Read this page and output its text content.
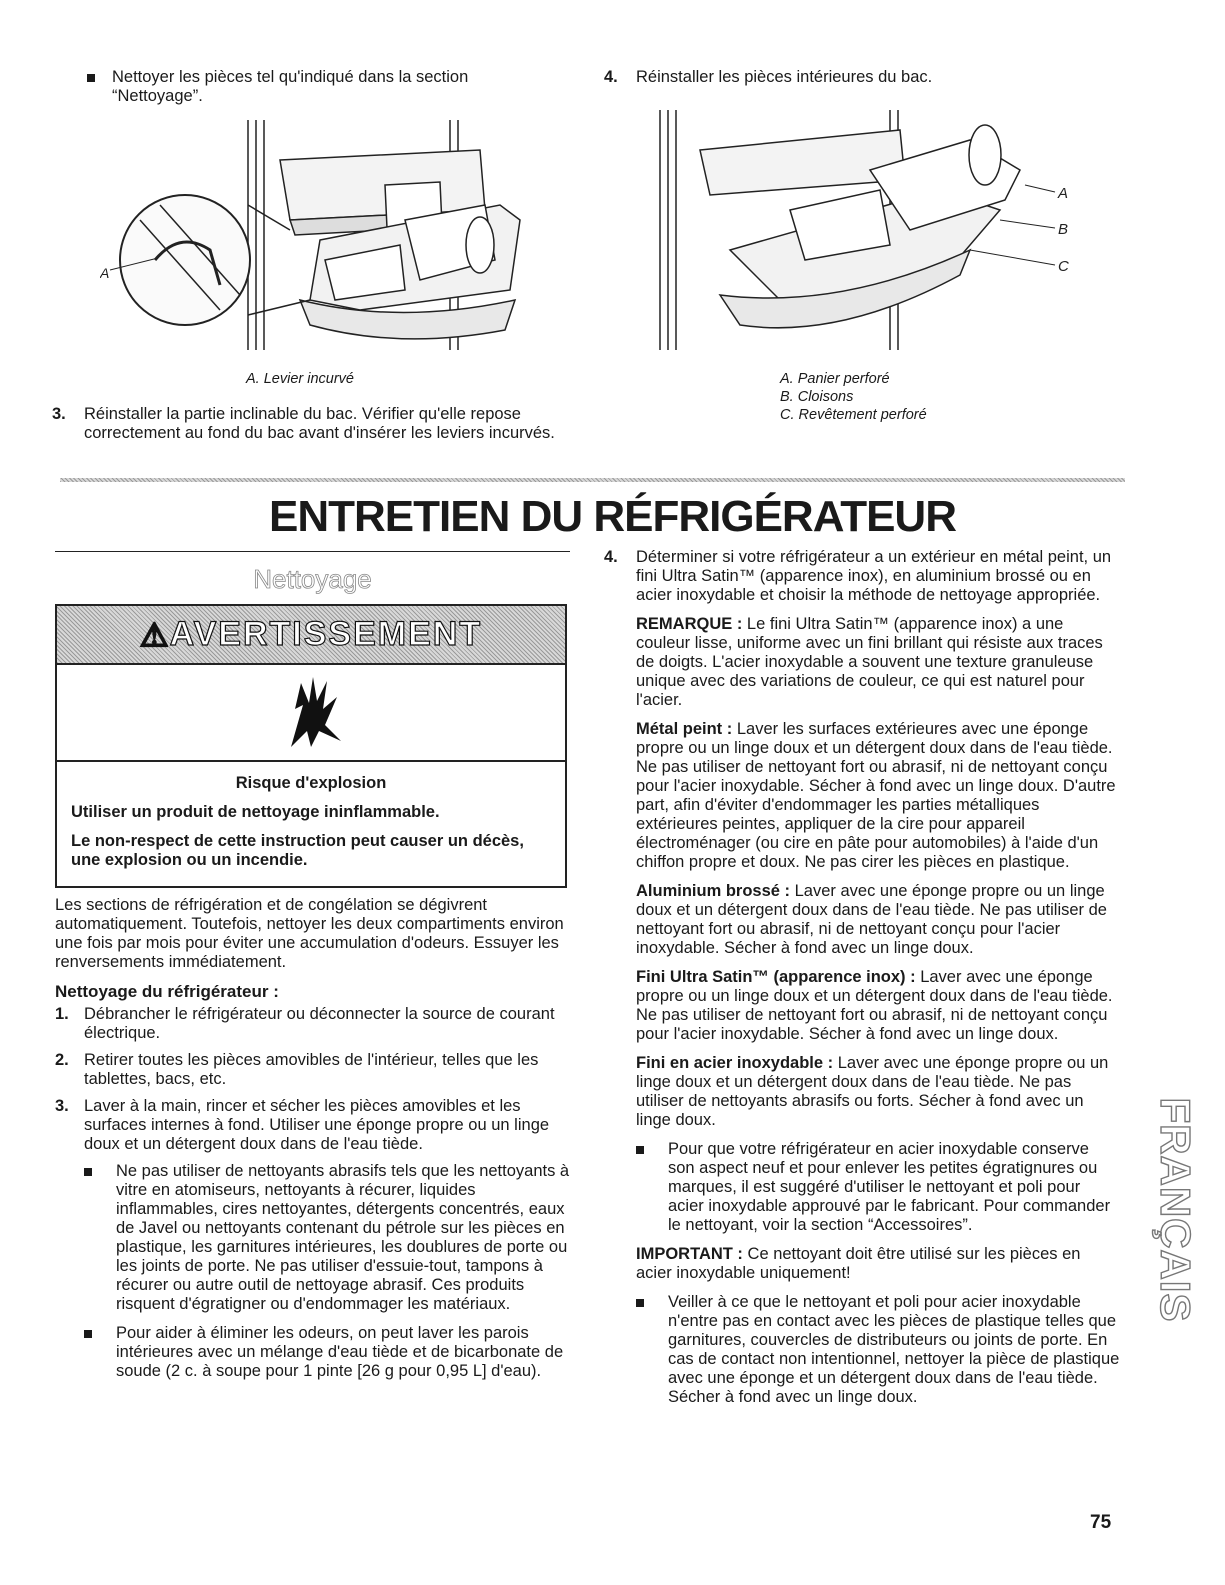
Nettoyer les pièces tel qu'indiqué dans la section “Nettoyage”.
A
A. Levier incurvé
3. Réinstaller la partie inclinable du bac. Vérifier qu'elle repose correctement au fond du bac avant d'insérer les leviers incurvés.
4. Réinstaller les pièces intérieures du bac.
A
B
C
A. Panier perforé
B. Cloisons
C. Revêtement perforé
ENTRETIEN DU RÉFRIGÉRATEUR
Nettoyage
⚠ AVERTISSEMENT
Risque d'explosion
Utiliser un produit de nettoyage ininflammable.
Le non-respect de cette instruction peut causer un décès, une explosion ou un incendie.

Les sections de réfrigération et de congélation se dégivrent automatiquement. Toutefois, nettoyer les deux compartiments environ une fois par mois pour éviter une accumulation d'odeurs. Essuyer les renversements immédiatement.

Nettoyage du réfrigérateur :
1. Débrancher le réfrigérateur ou déconnecter la source de courant électrique.
2. Retirer toutes les pièces amovibles de l'intérieur, telles que les tablettes, bacs, etc.
3. Laver à la main, rincer et sécher les pièces amovibles et les surfaces internes à fond. Utiliser une éponge propre ou un linge doux et un détergent doux dans de l'eau tiède.
Ne pas utiliser de nettoyants abrasifs tels que les nettoyants à vitre en atomiseurs, nettoyants à récurer, liquides inflammables, cires nettoyantes, détergents concentrés, eaux de Javel ou nettoyants contenant du pétrole sur les pièces en plastique, les garnitures intérieures, les doublures de porte ou les joints de porte. Ne pas utiliser d'essuie-tout, tampons à récurer ou autre outil de nettoyage abrasif. Ces produits risquent d'égratigner ou d'endommager les matériaux.
Pour aider à éliminer les odeurs, on peut laver les parois intérieures avec un mélange d'eau tiède et de bicarbonate de soude (2 c. à soupe pour 1 pinte [26 g pour 0,95 L] d'eau).
4. Déterminer si votre réfrigérateur a un extérieur en métal peint, un fini Ultra Satin™ (apparence inox), en aluminium brossé ou en acier inoxydable et choisir la méthode de nettoyage appropriée.

REMARQUE : Le fini Ultra Satin™ (apparence inox) a une couleur lisse, uniforme avec un fini brillant qui résiste aux traces de doigts. L'acier inoxydable a souvent une texture granuleuse unique avec des variations de couleur, ce qui est naturel pour l'acier.

Métal peint : Laver les surfaces extérieures avec une éponge propre ou un linge doux et un détergent doux dans de l'eau tiède. Ne pas utiliser de nettoyant fort ou abrasif, ni de nettoyant conçu pour l'acier inoxydable. Sécher à fond avec un linge doux. D'autre part, afin d'éviter d'endommager les parties métalliques extérieures peintes, appliquer de la cire pour appareil électroménager (ou cire en pâte pour automobiles) à l'aide d'un chiffon propre et doux. Ne pas cirer les pièces en plastique.

Aluminium brossé : Laver avec une éponge propre ou un linge doux et un détergent doux dans de l'eau tiède. Ne pas utiliser de nettoyant fort ou abrasif, ni de nettoyant conçu pour l'acier inoxydable. Sécher à fond avec un linge doux.

Fini Ultra Satin™ (apparence inox) : Laver avec une éponge propre ou un linge doux et un détergent doux dans de l'eau tiède. Ne pas utiliser de nettoyant fort ou abrasif, ni de nettoyant conçu pour l'acier inoxydable. Sécher à fond avec un linge doux.

Fini en acier inoxydable : Laver avec une éponge propre ou un linge doux et un détergent doux dans de l'eau tiède. Ne pas utiliser de nettoyants abrasifs ou forts. Sécher à fond avec un linge doux.

Pour que votre réfrigérateur en acier inoxydable conserve son aspect neuf et pour enlever les petites égratignures ou marques, il est suggéré d'utiliser le nettoyant et poli pour acier inoxydable approuvé par le fabricant. Pour commander le nettoyant, voir la section “Accessoires”.

IMPORTANT : Ce nettoyant doit être utilisé sur les pièces en acier inoxydable uniquement!

Veiller à ce que le nettoyant et poli pour acier inoxydable n'entre pas en contact avec les pièces de plastique telles que garnitures, couvercles de distributeurs ou joints de porte. En cas de contact non intentionnel, nettoyer la pièce de plastique avec une éponge et un détergent doux dans de l'eau tiède. Sécher à fond avec un linge doux.
FRANÇAIS
75
